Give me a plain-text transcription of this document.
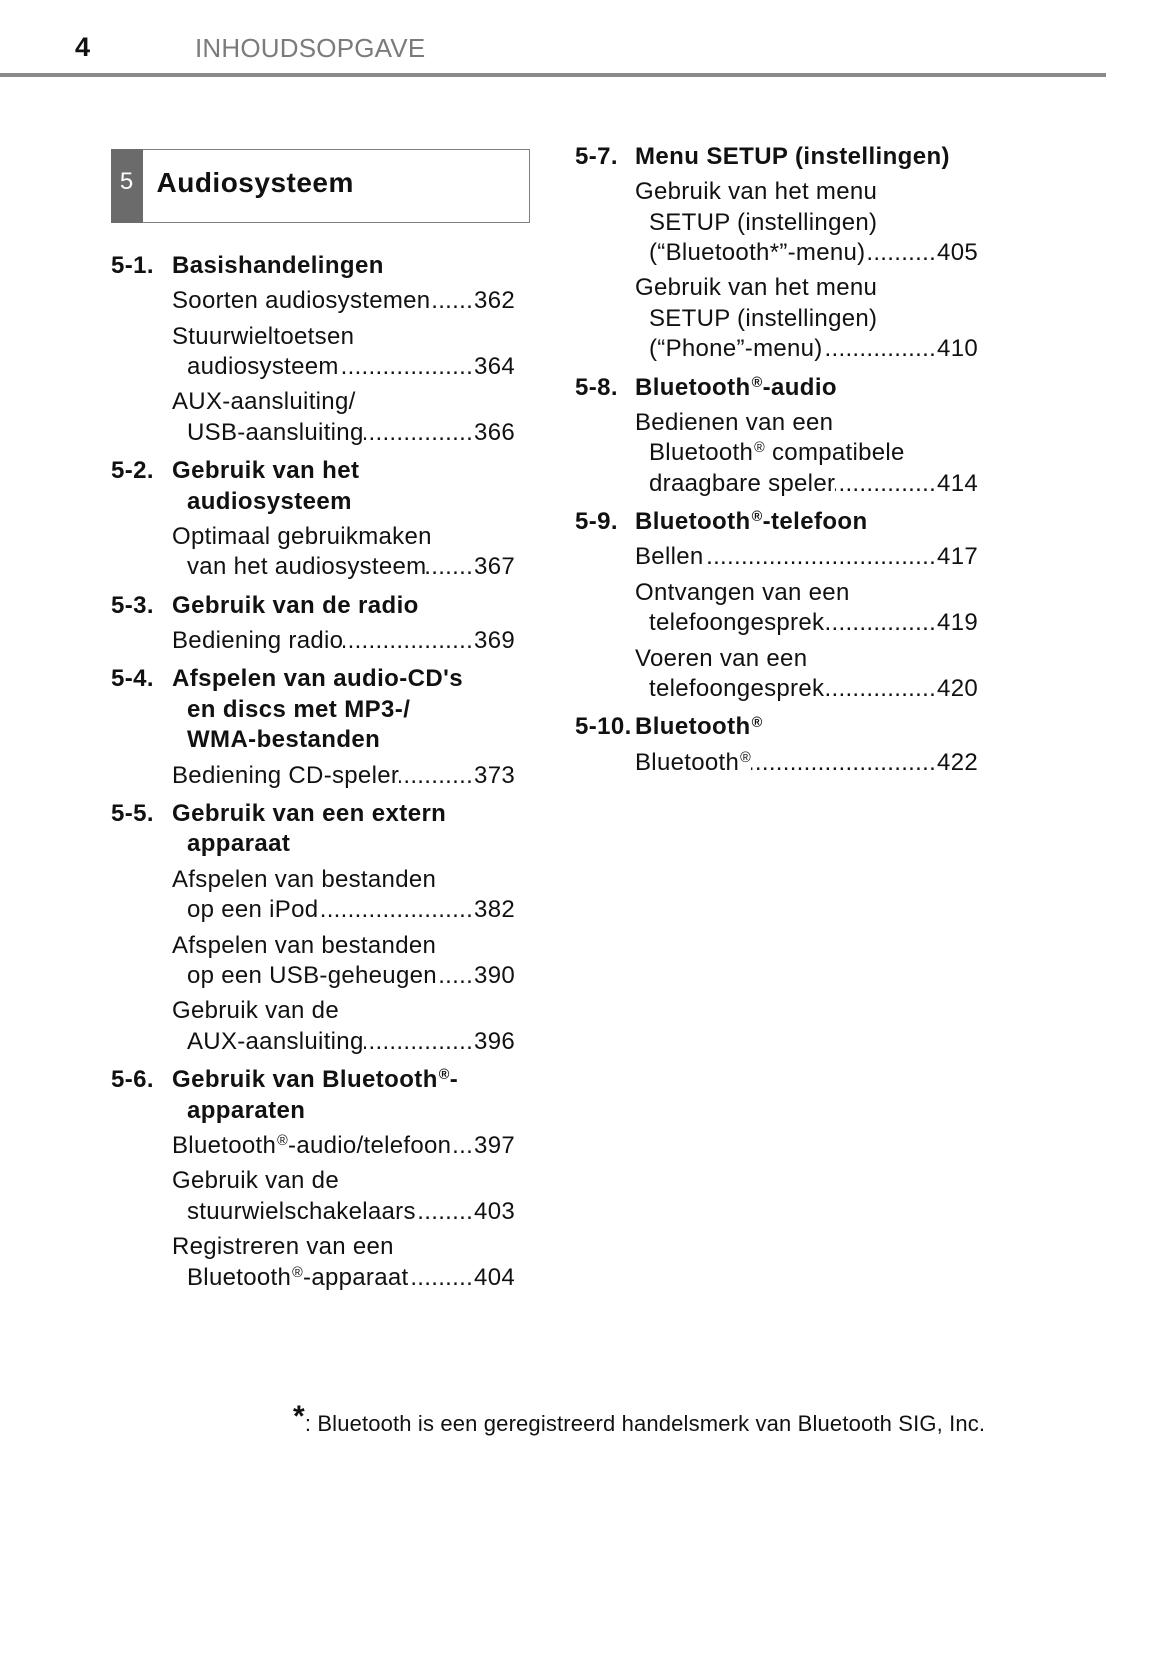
4	INHOUDSOPGAVE
5 Audiosysteem
5-1. Basishandelingen
Soorten audiosystemen ..... 362
Stuurwieltoetsen
audiosysteem .....	364
AUX-aansluiting/
USB-aansluiting .....	366
5-2. Gebruik van het
audiosysteem
Optimaal gebruikmaken
van het audiosysteem ..... 367
5-3. Gebruik van de radio
Bediening radio .....	369
5-4. Afspelen van audio-CD's
en discs met MP3-/
WMA-bestanden
Bediening CD-speler .....	373
5-5. Gebruik van een extern
apparaat
Afspelen van bestanden
op een iPod .....	382
Afspelen van bestanden
op een USB-geheugen ..... 390
Gebruik van de
AUX-aansluiting .....	396
5-6. Gebruik van Bluetooth®-
apparaten
Bluetooth®-audio/telefoon ..... 397
Gebruik van de
stuurwielschakelaars ..... 403
Registreren van een
Bluetooth®-apparaat .....	404
5-7. Menu SETUP (instellingen)
Gebruik van het menu
SETUP (instellingen)
(“Bluetooth*”-menu) .....	405
Gebruik van het menu
SETUP (instellingen)
(“Phone”-menu) .....	410
5-8. Bluetooth®-audio
Bedienen van een
Bluetooth® compatibele
draagbare speler .....	414
5-9. Bluetooth®-telefoon
Bellen .....	417
Ontvangen van een
telefoongesprek .....	419
Voeren van een
telefoongesprek .....	420
5-10. Bluetooth®
Bluetooth® .....	422
*: Bluetooth is een geregistreerd handelsmerk van Bluetooth SIG, Inc.
